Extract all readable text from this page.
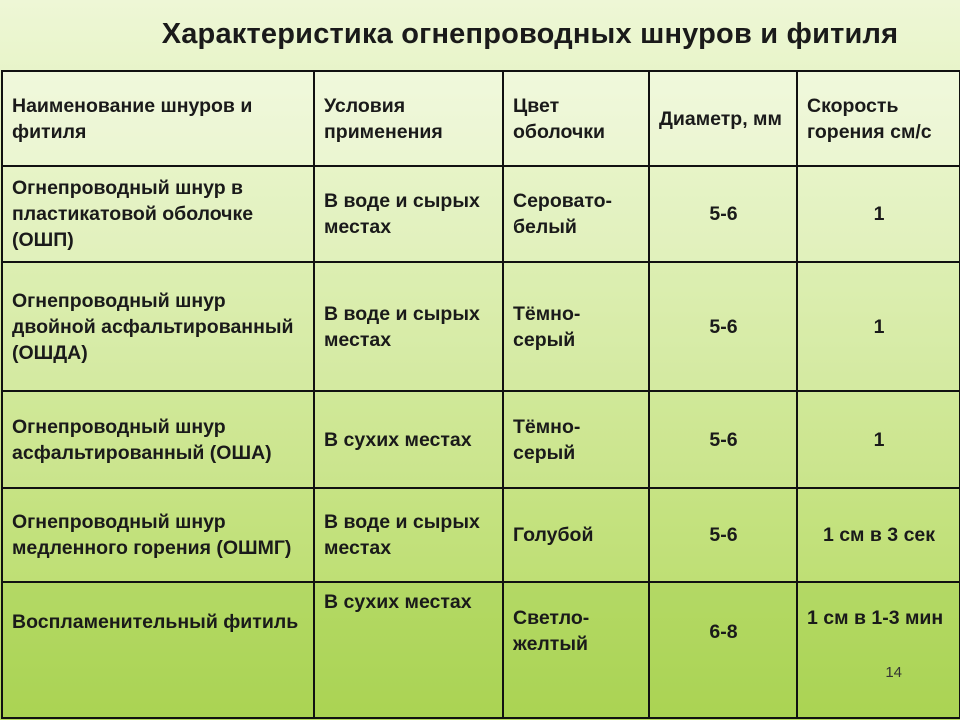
Характеристика огнепроводных шнуров и фитиля
Наименование шнуров и фитиля	Условия применения	Цвет оболочки	Диаметр, мм	Скорость горения см/с
Огнепроводный шнур в пластикатовой оболочке (ОШП)	В воде и сырых местах	Серовато-белый	5-6	1
Огнепроводный шнур двойной асфальтированный (ОШДА)	В воде и сырых местах	Тёмно-серый	5-6	1
Огнепроводный шнур асфальтированный (ОША)	В сухих местах	Тёмно-серый	5-6	1
Огнепроводный шнур медленного горения (ОШМГ)	В воде и сырых местах	Голубой	5-6	1 см в 3 сек
Воспламенительный фитиль	В сухих местах	Светло-желтый	6-8	1 см в 1-3 мин
14
